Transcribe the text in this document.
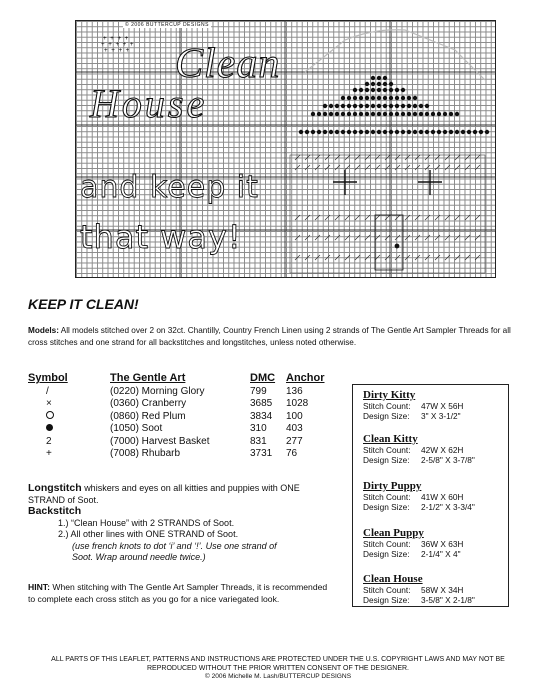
+ + + +
+ + + + +
+ + + +
© 2006 BUTTERCUP DESIGNS
Clean
House
and keep it
that way!
KEEP IT CLEAN!
Models: All models stitched over 2 on 32ct. Chantilly, Country French Linen using 2 strands of The Gentle Art Sampler Threads for all cross stitches and one strand for all backstitches and longstitches, unless noted otherwise.
Symbol	The Gentle Art	DMC	Anchor
/	(0220) Morning Glory	799	136
×	(0360) Cranberry	3685	1028
	(0860) Red Plum	3834	100
	(1050) Soot	310	403
2	(7000) Harvest Basket	831	277
+	(7008) Rhubarb	3731	76
Longstitch whiskers and eyes on all kitties and puppies with ONE STRAND of Soot.
Backstitch
1.) “Clean House” with 2 STRANDS of Soot.
2.) All other lines with ONE STRAND of Soot.
(use french knots to dot ‘i’ and ‘!’. Use one strand of
Soot. Wrap around needle twice.)
HINT: When stitching with The Gentle Art Sampler Threads, it is recommended to complete each cross stitch as you go for a nice variegated look.
Dirty Kitty
Stitch Count: 47W X 56H
Design Size: 3" X 3-1/2"
Clean Kitty
Stitch Count: 42W X 62H
Design Size: 2-5/8" X 3-7/8"
Dirty Puppy
Stitch Count: 41W X 60H
Design Size: 2-1/2" X 3-3/4"
Clean Puppy
Stitch Count: 36W X 63H
Design Size: 2-1/4" X 4"
Clean House
Stitch Count: 58W X 34H
Design Size: 3-5/8" X 2-1/8"
ALL PARTS OF THIS LEAFLET, PATTERNS AND INSTRUCTIONS ARE PROTECTED UNDER THE U.S. COPYRIGHT LAWS AND MAY NOT BE
REPRODUCED WITHOUT THE PRIOR WRITTEN CONSENT OF THE DESIGNER.
© 2006 Michelle M. Lash/BUTTERCUP DESIGNS
